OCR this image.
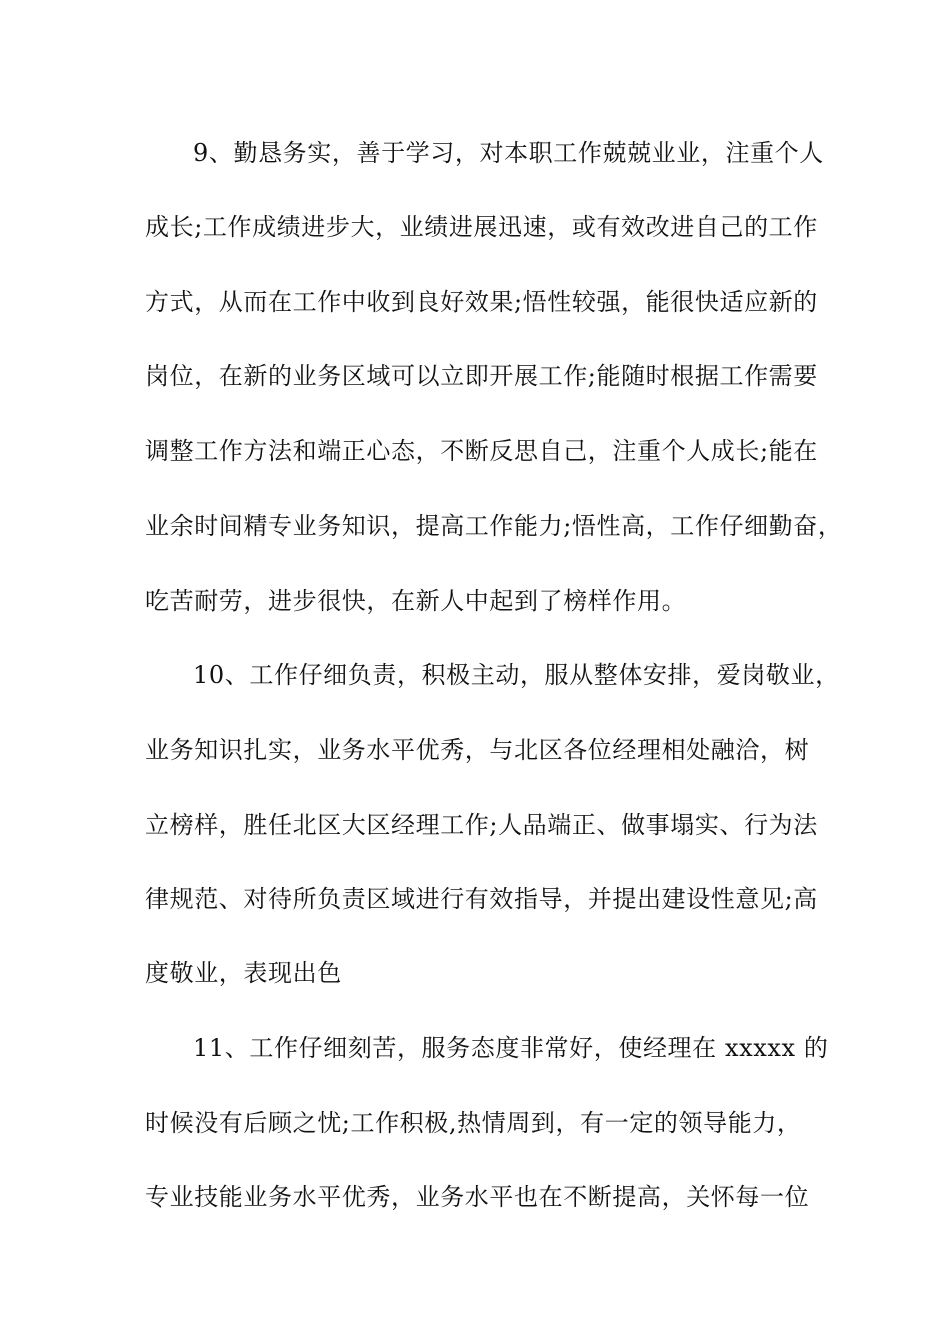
9、勤恳务实，善于学习，对本职工作兢兢业业，注重个人
成长;工作成绩进步大，业绩进展迅速，或有效改进自己的工作
方式，从而在工作中收到良好效果;悟性较强，能很快适应新的
岗位，在新的业务区域可以立即开展工作;能随时根据工作需要
调整工作方法和端正心态，不断反思自己，注重个人成长;能在
业余时间精专业务知识，提高工作能力;悟性高，工作仔细勤奋，
吃苦耐劳，进步很快，在新人中起到了榜样作用。
10、工作仔细负责，积极主动，服从整体安排，爱岗敬业，
业务知识扎实，业务水平优秀，与北区各位经理相处融洽，树
立榜样，胜任北区大区经理工作;人品端正、做事塌实、行为法
律规范、对待所负责区域进行有效指导，并提出建设性意见;高
度敬业，表现出色
11、工作仔细刻苦，服务态度非常好，使经理在 xxxxx 的
时候没有后顾之忧;工作积极,热情周到，有一定的领导能力，
专业技能业务水平优秀，业务水平也在不断提高，关怀每一位
